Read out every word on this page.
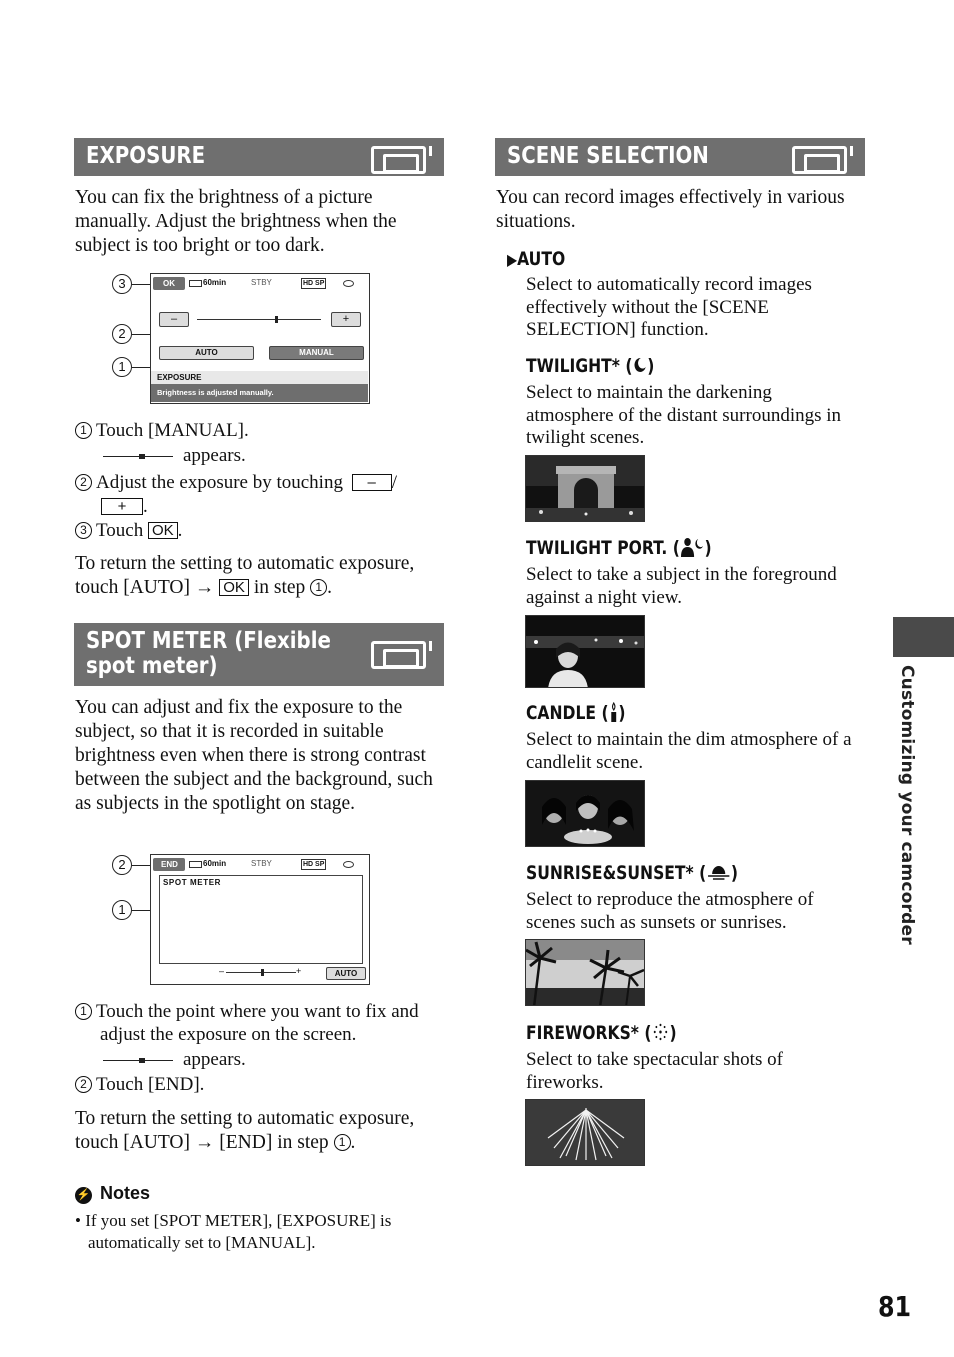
EXPOSURE
You can fix the brightness of a picture manually. Adjust the brightness when the subject is too bright or too dark.
3
2
1
OK	60min	STBY	HD SP
–	+
AUTO	MANUAL
EXPOSURE
Brightness is adjusted manually.
1 Touch [MANUAL].
appears.
2 Adjust the exposure by touching – /
+ .
3 Touch OK .
To return the setting to automatic exposure, touch [AUTO] → OK in step 1 .
SPOT METER (Flexible
spot meter)
You can adjust and fix the exposure to the subject, so that it is recorded in suitable brightness even when there is strong contrast between the subject and the background, such as subjects in the spotlight on stage.
2
1
END	60min	STBY	HD SP
SPOT METER
–	+	AUTO
1 Touch the point where you want to fix and adjust the exposure on the screen.
appears.
2 Touch [END].
To return the setting to automatic exposure, touch [AUTO] → [END] in step 1 .
⚡ Notes
• If you set [SPOT METER], [EXPOSURE] is automatically set to [MANUAL].
SCENE SELECTION
You can record images effectively in various situations.
▶AUTO
Select to automatically record images effectively without the [SCENE SELECTION] function.
TWILIGHT* ( )
Select to maintain the darkening atmosphere of the distant surroundings in twilight scenes.
TWILIGHT PORT. ( )
Select to take a subject in the foreground against a night view.
CANDLE ( )
Select to maintain the dim atmosphere of a candlelit scene.
SUNRISE&SUNSET* ( )
Select to reproduce the atmosphere of scenes such as sunsets or sunrises.
FIREWORKS* ( )
Select to take spectacular shots of fireworks.
Customizing your camcorder
81
